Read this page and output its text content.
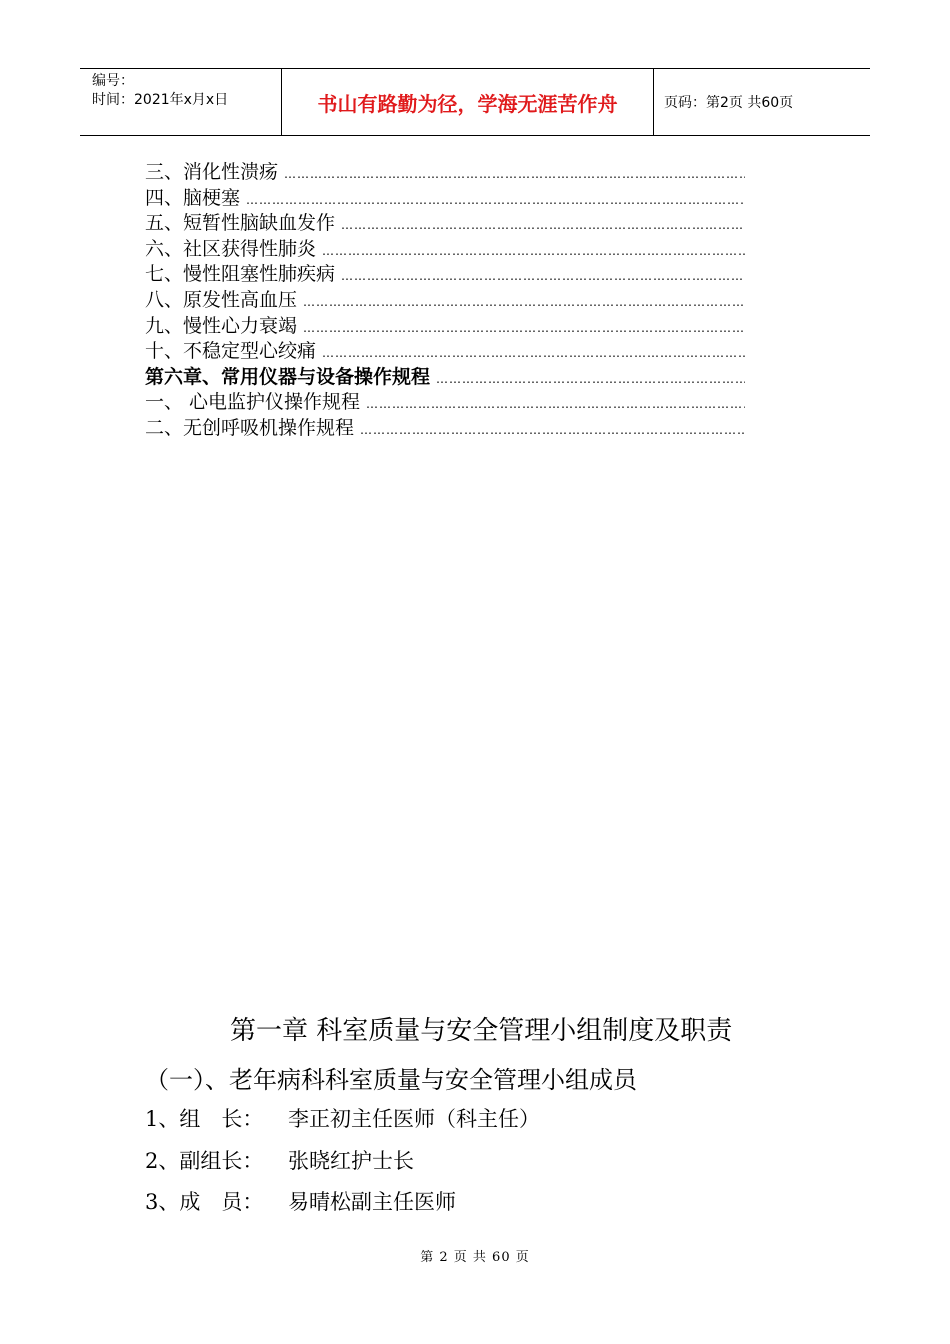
编号：
时间：2021年x月x日	书山有路勤为径，学海无涯苦作舟	页码：第2页 共60页
三、消化性溃疡
……………………………………………………………………………………………………………………
四、脑梗塞
……………………………………………………………………………………………………………………
五、短暂性脑缺血发作
……………………………………………………………………………………………………………………
六、社区获得性肺炎
……………………………………………………………………………………………………………………
七、慢性阻塞性肺疾病
……………………………………………………………………………………………………………………
八、原发性高血压
……………………………………………………………………………………………………………………
九、慢性心力衰竭
……………………………………………………………………………………………………………………
十、不稳定型心绞痛
……………………………………………………………………………………………………………………
第六章、常用仪器与设备操作规程
……………………………………………………………………………………………………………………
一、 心电监护仪操作规程
……………………………………………………………………………………………………………………
二、无创呼吸机操作规程
……………………………………………………………………………………………………………………
第一章 科室质量与安全管理小组制度及职责
（一）、老年病科科室质量与安全管理小组成员
1、组　长：	李正初主任医师（科主任）
2、副组长：	张晓红护士长
3、成　员：	易晴松副主任医师
第 2 页 共 60 页
